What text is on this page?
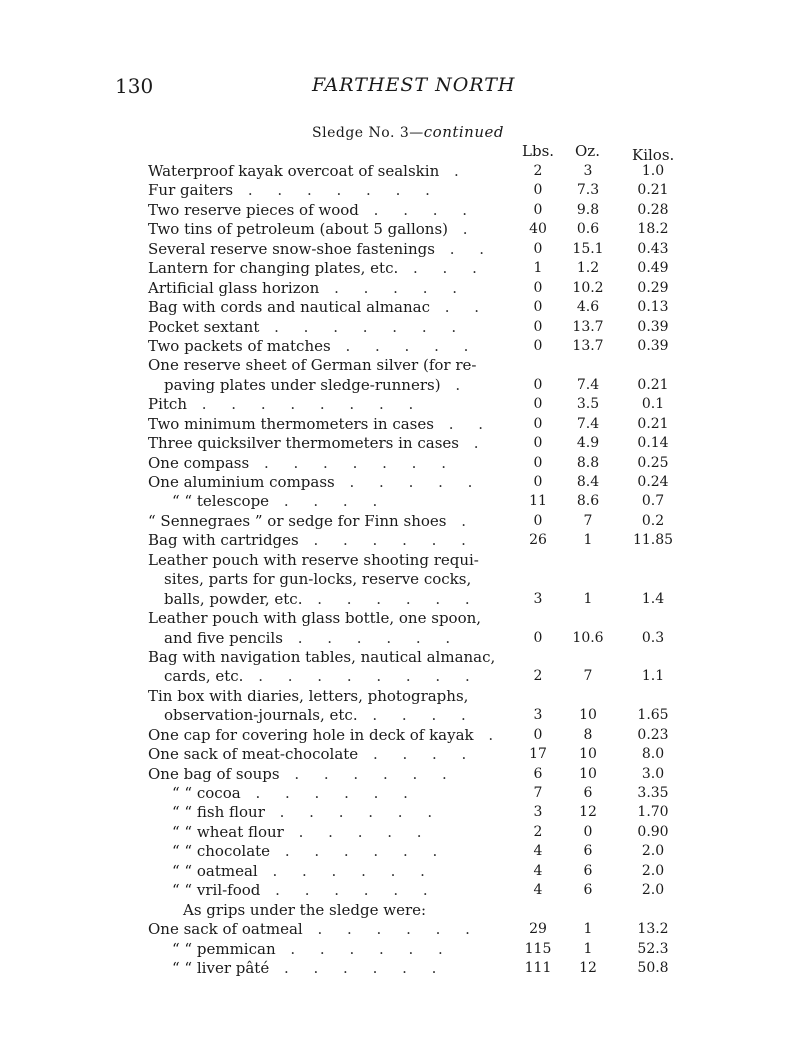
130	FARTHEST NORTH
Sledge No. 3—continued
Lbs. Oz. Kilos.
Waterproof kayak overcoat of sealskin .	2	3	1.0
Fur gaiters . . . . . . .	0	7.3	0.21
Two reserve pieces of wood . . . .	0	9.8	0.28
Two tins of petroleum (about 5 gallons) .	40	0.6	18.2
Several reserve snow-shoe fastenings . .	0	15.1	0.43
Lantern for changing plates, etc. . . .	1	1.2	0.49
Artificial glass horizon . . . . .	0	10.2	0.29
Bag with cords and nautical almanac . .	0	4.6	0.13
Pocket sextant . . . . . . .	0	13.7	0.39
Two packets of matches . . . . .	0	13.7	0.39
One reserve sheet of German silver (for re-
paving plates under sledge-runners) .	0	7.4	0.21
Pitch . . . . . . . .	0	3.5	0.1
Two minimum thermometers in cases . .	0	7.4	0.21
Three quicksilver thermometers in cases .	0	4.9	0.14
One compass . . . . . . .	0	8.8	0.25
One aluminium compass . . . . .	0	8.4	0.24
“ “ telescope . . . .	11	8.6	0.7
“ Sennegraes ” or sedge for Finn shoes .	0	7	0.2
Bag with cartridges . . . . . .	26	1	11.85
Leather pouch with reserve shooting requi-
sites, parts for gun-locks, reserve cocks,
balls, powder, etc. . . . . . .	3	1	1.4
Leather pouch with glass bottle, one spoon,
and five pencils . . . . . .	0	10.6	0.3
Bag with navigation tables, nautical almanac,
cards, etc. . . . . . . . .	2	7	1.1
Tin box with diaries, letters, photographs,
observation-journals, etc. . . . .	3	10	1.65
One cap for covering hole in deck of kayak .	0	8	0.23
One sack of meat-chocolate . . . .	17	10	8.0
One bag of soups . . . . . .	6	10	3.0
“ “ cocoa . . . . . .	7	6	3.35
“ “ fish flour . . . . . .	3	12	1.70
“ “ wheat flour . . . . .	2	0	0.90
“ “ chocolate . . . . . .	4	6	2.0
“ “ oatmeal . . . . . .	4	6	2.0
“ “ vril-food . . . . . .	4	6	2.0
As grips under the sledge were:
One sack of oatmeal . . . . . .	29	1	13.2
“ “ pemmican . . . . . .	115	1	52.3
“ “ liver pâté . . . . . .	111	12	50.8
